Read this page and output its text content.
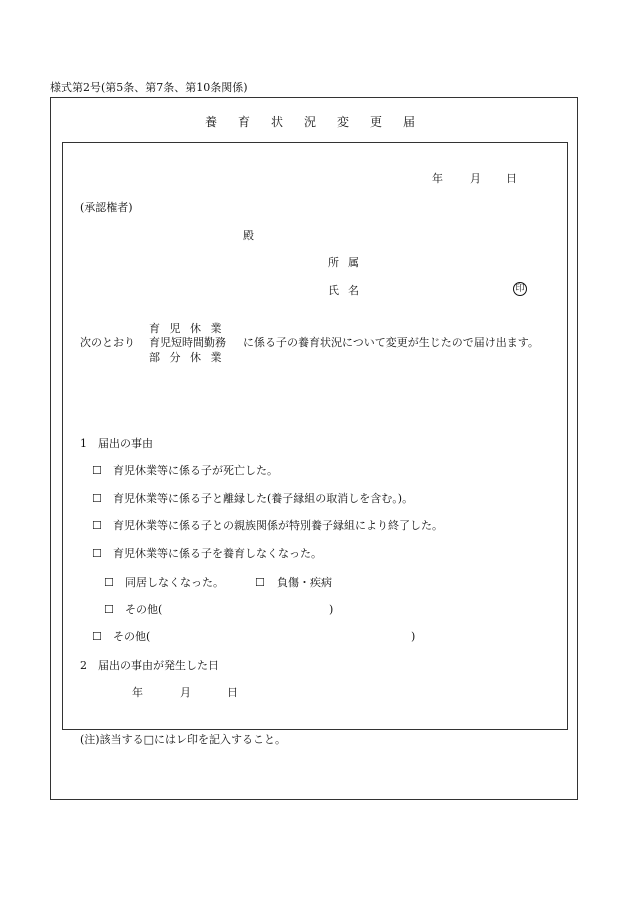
様式第2号(第5条、第7条、第10条関係)
養育状況変更届
年 月 日
(承認権者)
殿
所属
氏名	印
次のとおり
育児休業
育児短時間勤務
部分休業
に係る子の養育状況について変更が生じたので届け出ます。
1　届出の事由
☐ 育児休業等に係る子が死亡した。
☐ 育児休業等に係る子と離縁した(養子縁組の取消しを含む。)。
☐ 育児休業等に係る子との親族関係が特別養子縁組により終了した。
☐ 育児休業等に係る子を養育しなくなった。
☐ 同居しなくなった。	☐ 負傷・疾病
☐ その他(	)
☐ その他(	)
2　届出の事由が発生した日
年	月	日
(注)該当する□にはレ印を記入すること。
